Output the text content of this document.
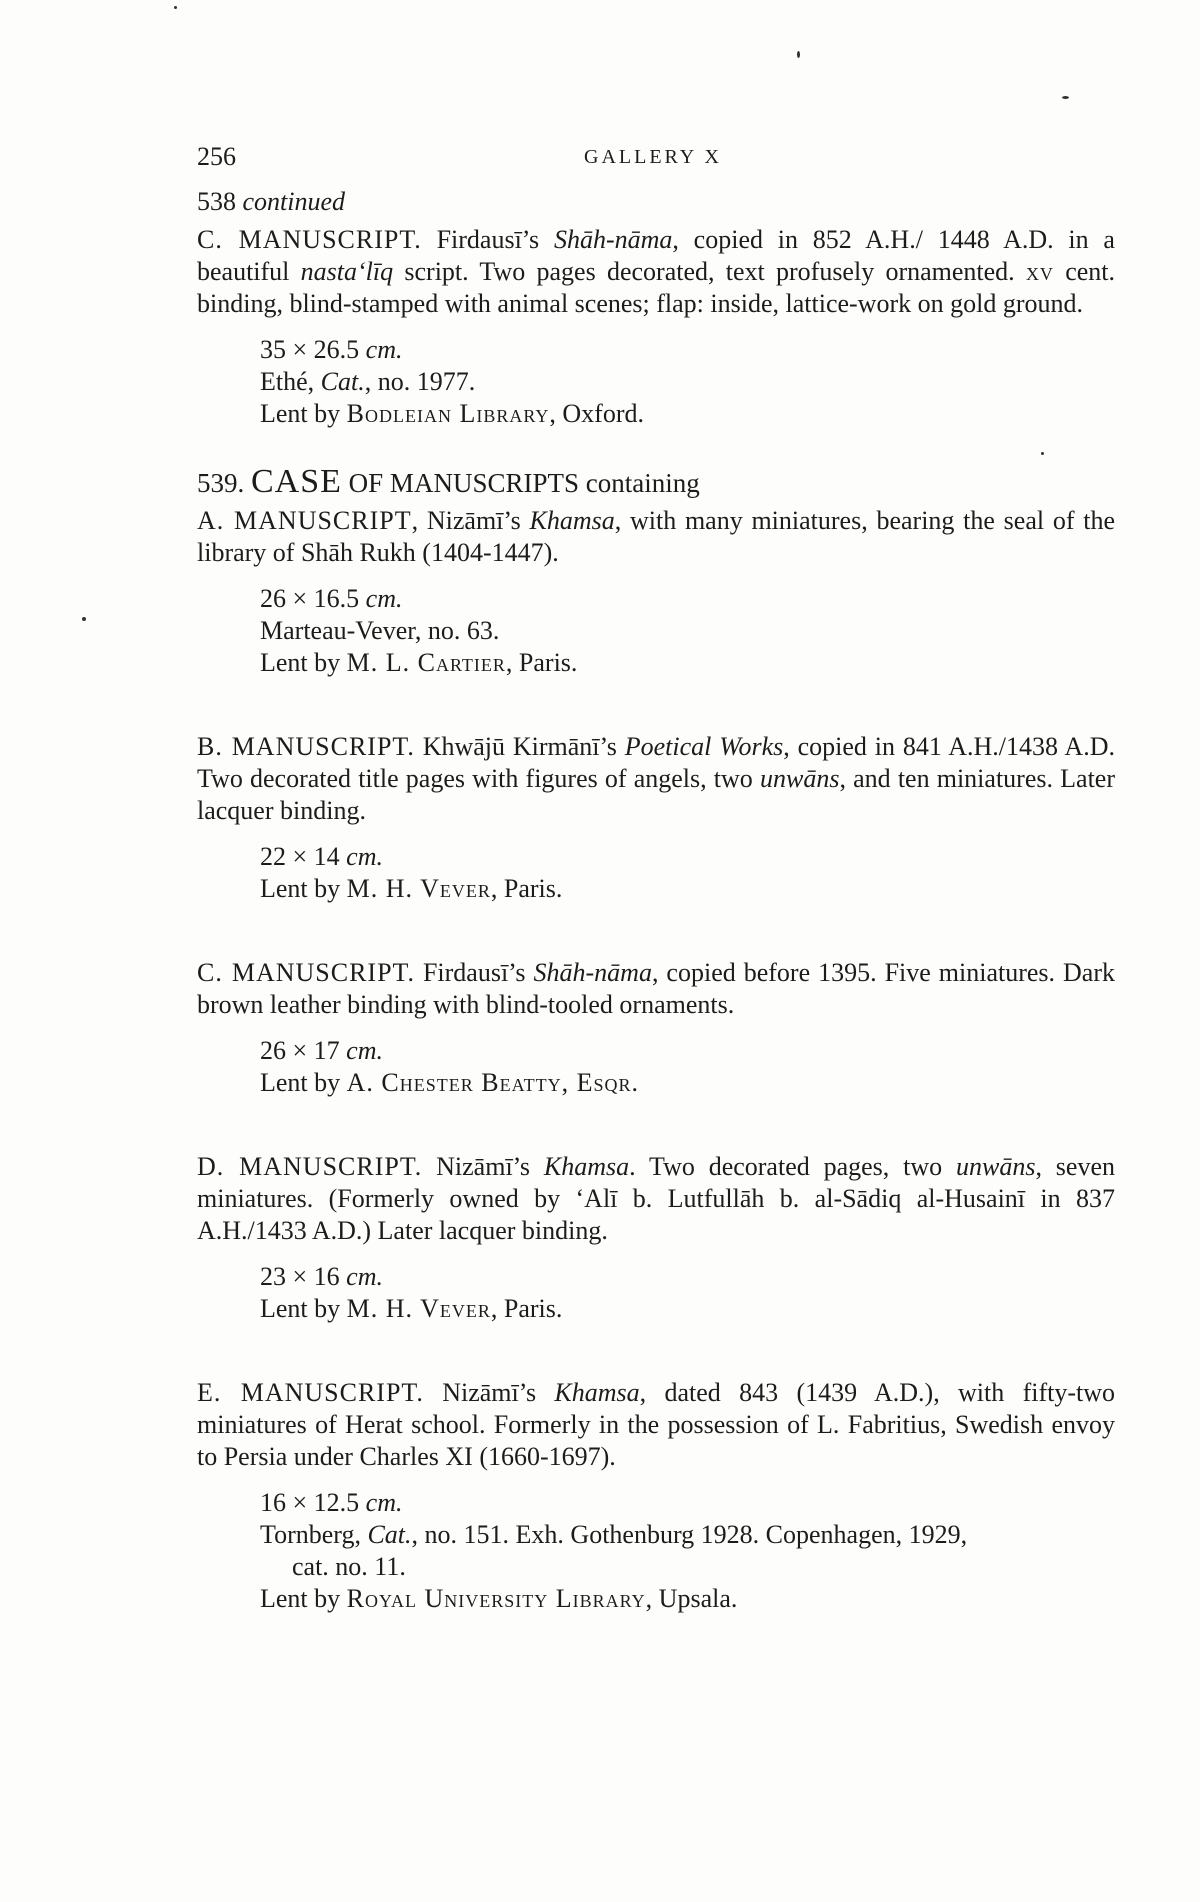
256	GALLERY X

538 continued

C. MANUSCRIPT. Firdausī’s Shāh-nāma, copied in 852 A.H./ 1448 A.D. in a beautiful nastaʻlīq script. Two pages decorated, text profusely ornamented. xv cent. binding, blind-stamped with animal scenes; flap: inside, lattice-work on gold ground.

35 × 26.5 cm.

Ethé, Cat., no. 1977.

Lent by Bodleian Library, Oxford.

539. CASE OF MANUSCRIPTS containing

A. MANUSCRIPT, Nizāmī’s Khamsa, with many miniatures, bearing the seal of the library of Shāh Rukh (1404-1447).

26 × 16.5 cm.

Marteau-Vever, no. 63.

Lent by M. L. Cartier, Paris.

B. MANUSCRIPT. Khwājū Kirmānī’s Poetical Works, copied in 841 A.H./1438 A.D. Two decorated title pages with figures of angels, two unwāns, and ten miniatures. Later lacquer binding.

22 × 14 cm.

Lent by M. H. Vever, Paris.

C. MANUSCRIPT. Firdausī’s Shāh-nāma, copied before 1395. Five miniatures. Dark brown leather binding with blind-tooled ornaments.

26 × 17 cm.

Lent by A. Chester Beatty, Esqr.

D. MANUSCRIPT. Nizāmī’s Khamsa. Two decorated pages, two unwāns, seven miniatures. (Formerly owned by ‘Alī b. Lutfullāh b. al-Sādiq al-Husainī in 837 A.H./1433 A.D.) Later lacquer binding.

23 × 16 cm.

Lent by M. H. Vever, Paris.

E. MANUSCRIPT. Nizāmī’s Khamsa, dated 843 (1439 A.D.), with fifty-two miniatures of Herat school. Formerly in the possession of L. Fabritius, Swedish envoy to Persia under Charles XI (1660-1697).

16 × 12.5 cm.

Tornberg, Cat., no. 151. Exh. Gothenburg 1928. Copenhagen, 1929,

cat. no. 11.

Lent by Royal University Library, Upsala.
